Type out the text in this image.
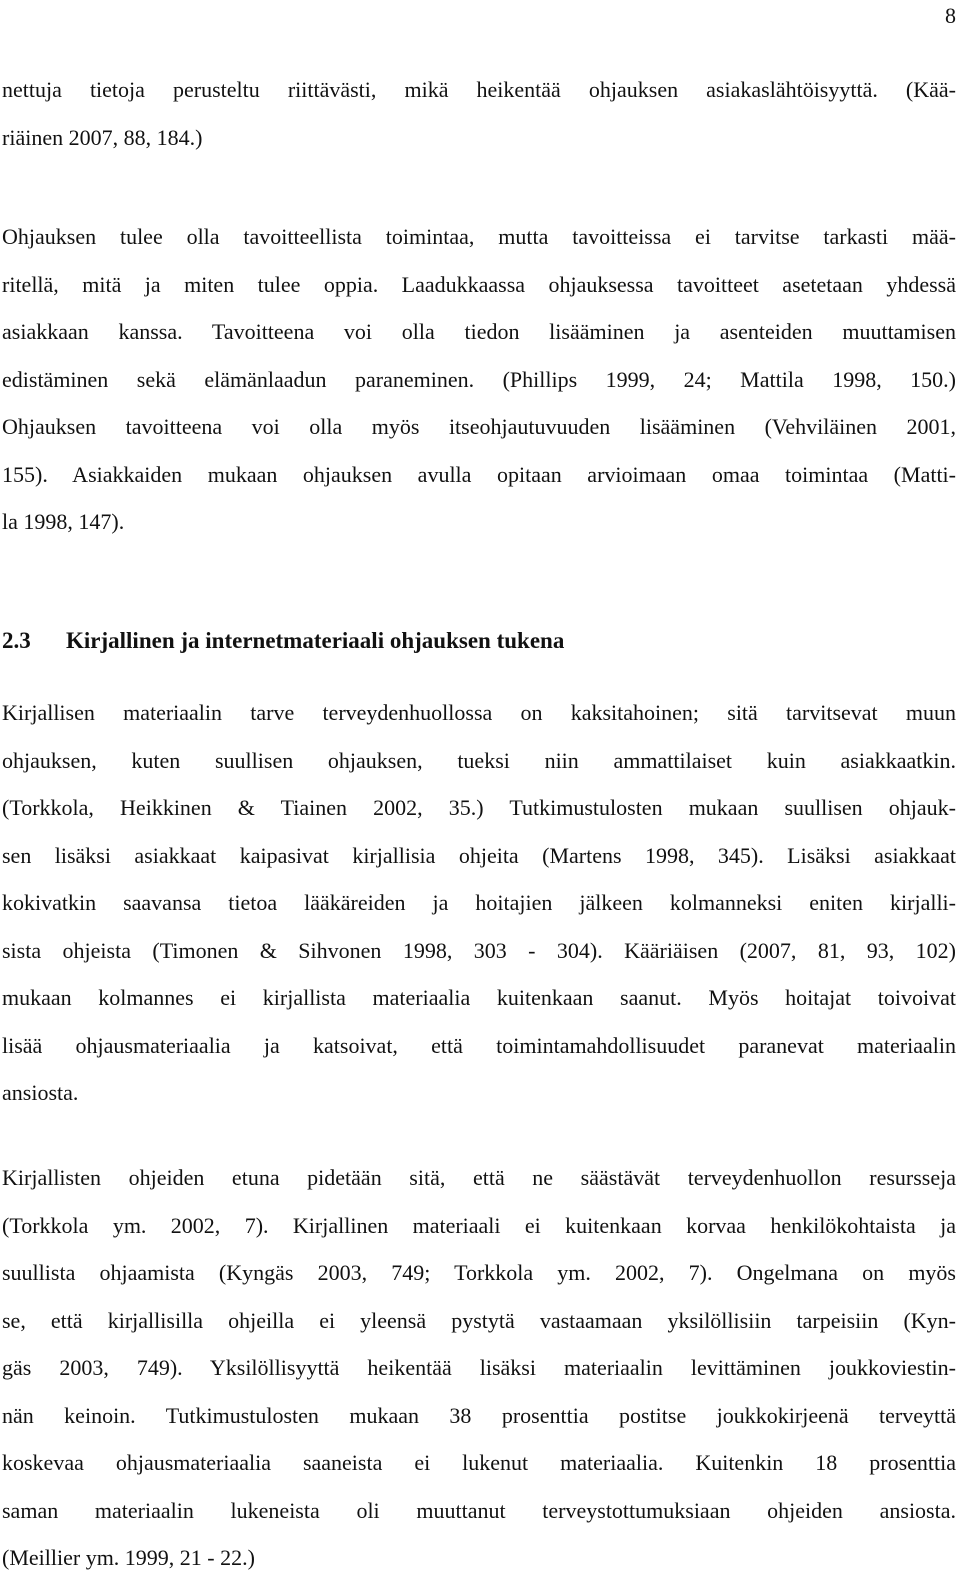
8
nettuja tietoja perusteltu riittävästi, mikä heikentää ohjauksen asiakaslähtöisyyttä. (Kää-
riäinen 2007, 88, 184.)
Ohjauksen tulee olla tavoitteellista toimintaa, mutta tavoitteissa ei tarvitse tarkasti mää-
ritellä, mitä ja miten tulee oppia. Laadukkaassa ohjauksessa tavoitteet asetetaan yhdessä
asiakkaan kanssa. Tavoitteena voi olla tiedon lisääminen ja asenteiden muuttamisen
edistäminen sekä elämänlaadun paraneminen. (Phillips 1999, 24; Mattila 1998, 150.)
Ohjauksen tavoitteena voi olla myös itseohjautuvuuden lisääminen (Vehviläinen 2001,
155). Asiakkaiden mukaan ohjauksen avulla opitaan arvioimaan omaa toimintaa (Matti-
la 1998, 147).
2.3 Kirjallinen ja internetmateriaali ohjauksen tukena
Kirjallisen materiaalin tarve terveydenhuollossa on kaksitahoinen; sitä tarvitsevat muun
ohjauksen, kuten suullisen ohjauksen, tueksi niin ammattilaiset kuin asiakkaatkin.
(Torkkola, Heikkinen & Tiainen 2002, 35.) Tutkimustulosten mukaan suullisen ohjauk-
sen lisäksi asiakkaat kaipasivat kirjallisia ohjeita (Martens 1998, 345). Lisäksi asiakkaat
kokivatkin saavansa tietoa lääkäreiden ja hoitajien jälkeen kolmanneksi eniten kirjalli-
sista ohjeista (Timonen & Sihvonen 1998, 303 - 304). Kääriäisen (2007, 81, 93, 102)
mukaan kolmannes ei kirjallista materiaalia kuitenkaan saanut. Myös hoitajat toivoivat
lisää ohjausmateriaalia ja katsoivat, että toimintamahdollisuudet paranevat materiaalin
ansiosta.
Kirjallisten ohjeiden etuna pidetään sitä, että ne säästävät terveydenhuollon resursseja
(Torkkola ym. 2002, 7). Kirjallinen materiaali ei kuitenkaan korvaa henkilökohtaista ja
suullista ohjaamista (Kyngäs 2003, 749; Torkkola ym. 2002, 7). Ongelmana on myös
se, että kirjallisilla ohjeilla ei yleensä pystytä vastaamaan yksilöllisiin tarpeisiin (Kyn-
gäs 2003, 749). Yksilöllisyyttä heikentää lisäksi materiaalin levittäminen joukkoviestin-
nän keinoin. Tutkimustulosten mukaan 38 prosenttia postitse joukkokirjeenä terveyttä
koskevaa ohjausmateriaalia saaneista ei lukenut materiaalia. Kuitenkin 18 prosenttia
saman materiaalin lukeneista oli muuttanut terveystottumuksiaan ohjeiden ansiosta.
(Meillier ym. 1999, 21 - 22.)
